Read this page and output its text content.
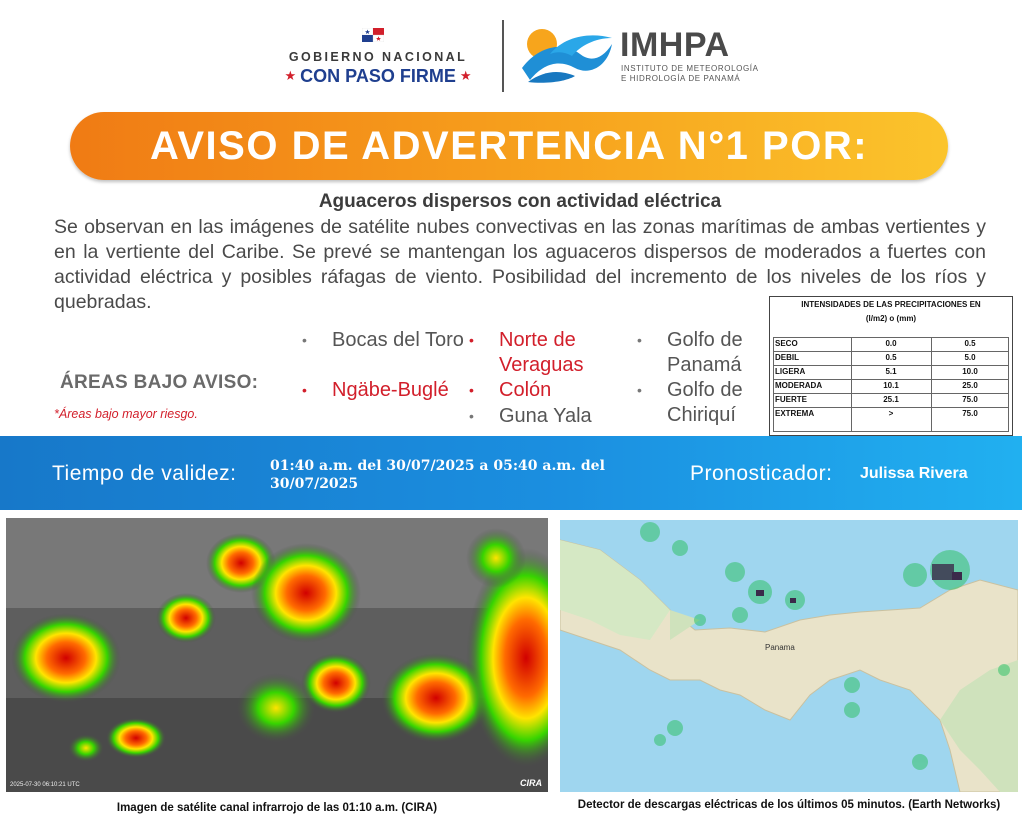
GOBIERNO NACIONAL
★ CON PASO FIRME ★
IMHPA
INSTITUTO DE METEOROLOGÍA
E HIDROLOGÍA DE PANAMÁ
AVISO DE ADVERTENCIA N°1 POR:
Aguaceros dispersos con actividad eléctrica
Se observan en las imágenes de satélite nubes convectivas en las zonas marítimas de ambas vertientes y en la vertiente del Caribe. Se prevé se mantengan los aguaceros dispersos de moderados a fuertes con actividad eléctrica y posibles ráfagas de viento. Posibilidad del incremento de los niveles de los ríos y quebradas.
ÁREAS BAJO AVISO:
*Áreas bajo mayor riesgo.
• Bocas del Toro
• Ngäbe-Buglé
• Norte de Veraguas
• Colón
• Guna Yala
• Golfo de Panamá
• Golfo de Chiriquí
INTENSIDADES DE LAS PRECIPITACIONES EN
(l/m2) o (mm)
SECO	0.0	0.5
DEBIL	0.5	5.0
LIGERA	5.1	10.0
MODERADA	10.1	25.0
FUERTE	25.1	75.0
EXTREMA	>	75.0
Tiempo de validez: 01:40 a.m. del 30/07/2025 a 05:40 a.m. del 30/07/2025	Pronosticador: Julissa Rivera
2025-07-30 06:10:21 UTC	CIRA
Imagen de satélite canal infrarrojo de las 01:10 a.m. (CIRA)
Panama
Detector de descargas eléctricas de los últimos 05 minutos. (Earth Networks)
